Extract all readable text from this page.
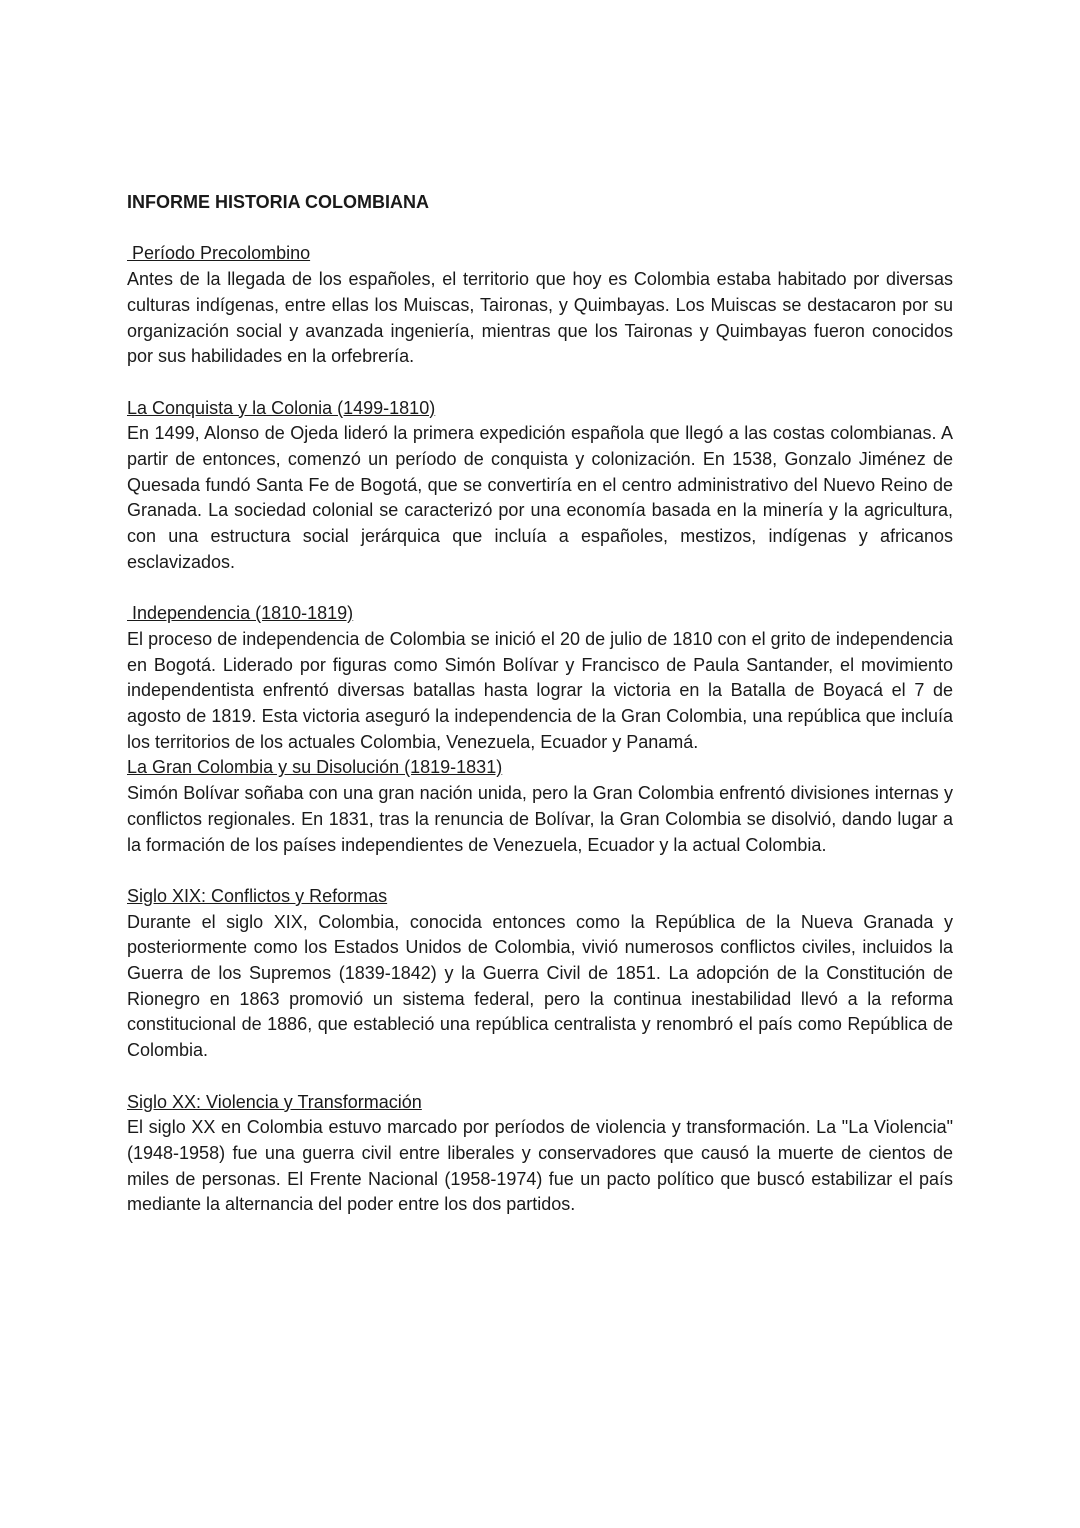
INFORME HISTORIA COLOMBIANA
Período Precolombino

Antes de la llegada de los españoles, el territorio que hoy es Colombia estaba habitado por diversas culturas indígenas, entre ellas los Muiscas, Taironas, y Quimbayas. Los Muiscas se destacaron por su organización social y avanzada ingeniería, mientras que los Taironas y Quimbayas fueron conocidos por sus habilidades en la orfebrería.

La Conquista y la Colonia (1499-1810)

En 1499, Alonso de Ojeda lideró la primera expedición española que llegó a las costas colombianas. A partir de entonces, comenzó un período de conquista y colonización. En 1538, Gonzalo Jiménez de Quesada fundó Santa Fe de Bogotá, que se convertiría en el centro administrativo del Nuevo Reino de Granada. La sociedad colonial se caracterizó por una economía basada en la minería y la agricultura, con una estructura social jerárquica que incluía a españoles, mestizos, indígenas y africanos esclavizados.

Independencia (1810-1819)

El proceso de independencia de Colombia se inició el 20 de julio de 1810 con el grito de independencia en Bogotá. Liderado por figuras como Simón Bolívar y Francisco de Paula Santander, el movimiento independentista enfrentó diversas batallas hasta lograr la victoria en la Batalla de Boyacá el 7 de agosto de 1819. Esta victoria aseguró la independencia de la Gran Colombia, una república que incluía los territorios de los actuales Colombia, Venezuela, Ecuador y Panamá.

La Gran Colombia y su Disolución (1819-1831)

Simón Bolívar soñaba con una gran nación unida, pero la Gran Colombia enfrentó divisiones internas y conflictos regionales. En 1831, tras la renuncia de Bolívar, la Gran Colombia se disolvió, dando lugar a la formación de los países independientes de Venezuela, Ecuador y la actual Colombia.

Siglo XIX: Conflictos y Reformas

Durante el siglo XIX, Colombia, conocida entonces como la República de la Nueva Granada y posteriormente como los Estados Unidos de Colombia, vivió numerosos conflictos civiles, incluidos la Guerra de los Supremos (1839-1842) y la Guerra Civil de 1851. La adopción de la Constitución de Rionegro en 1863 promovió un sistema federal, pero la continua inestabilidad llevó a la reforma constitucional de 1886, que estableció una república centralista y renombró el país como República de Colombia.

Siglo XX: Violencia y Transformación

El siglo XX en Colombia estuvo marcado por períodos de violencia y transformación. La "La Violencia" (1948-1958) fue una guerra civil entre liberales y conservadores que causó la muerte de cientos de miles de personas. El Frente Nacional (1958-1974) fue un pacto político que buscó estabilizar el país mediante la alternancia del poder entre los dos partidos.
